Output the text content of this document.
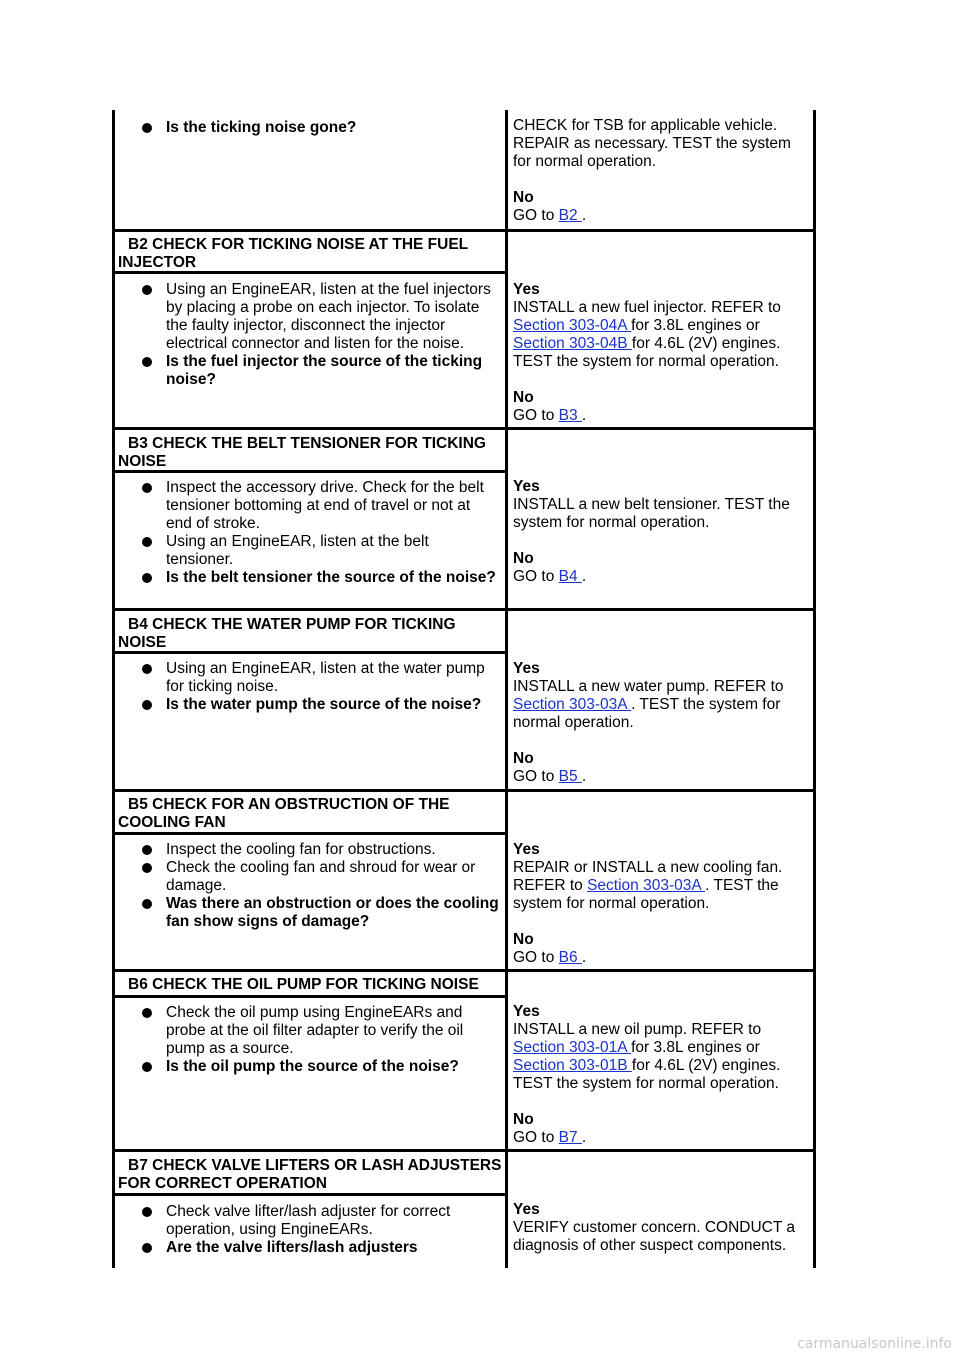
Is the ticking noise gone?	CHECK for TSB for applicable vehicle.
REPAIR as necessary. TEST the system
for normal operation.
No
GO to B2 .
B2 CHECK FOR TICKING NOISE AT THE FUEL INJECTOR
Using an EngineEAR, listen at the fuel injectors by placing a probe on each injector. To isolate the faulty injector, disconnect the injector electrical connector and listen for the noise.
Is the fuel injector the source of the ticking noise?
Yes
INSTALL a new fuel injector. REFER to
Section 303-04A for 3.8L engines or
Section 303-04B for 4.6L (2V) engines.

TEST the system for normal operation.
No
GO to B3 .
B3 CHECK THE BELT TENSIONER FOR TICKING NOISE
Inspect the accessory drive. Check for the belt tensioner bottoming at end of travel or not at end of stroke.
Using an EngineEAR, listen at the belt tensioner.
Is the belt tensioner the source of the noise?
Yes
INSTALL a new belt tensioner. TEST the system for normal operation.
No
GO to B4 .
B4 CHECK THE WATER PUMP FOR TICKING NOISE
Using an EngineEAR, listen at the water pump for ticking noise.
Is the water pump the source of the noise?
Yes
INSTALL a new water pump. REFER to
Section 303-03A . TEST the system for normal operation.
No
GO to B5 .
B5 CHECK FOR AN OBSTRUCTION OF THE COOLING FAN
Inspect the cooling fan for obstructions.
Check the cooling fan and shroud for wear or damage.
Was there an obstruction or does the cooling fan show signs of damage?
Yes
REPAIR or INSTALL a new cooling fan.
REFER to Section 303-03A . TEST the system for normal operation.
No
GO to B6 .
B6 CHECK THE OIL PUMP FOR TICKING NOISE
Check the oil pump using EngineEARs and probe at the oil filter adapter to verify the oil pump as a source.
Is the oil pump the source of the noise?
Yes
INSTALL a new oil pump. REFER to
Section 303-01A for 3.8L engines or
Section 303-01B for 4.6L (2V) engines.

TEST the system for normal operation.
No
GO to B7 .
B7 CHECK VALVE LIFTERS OR LASH ADJUSTERS FOR CORRECT OPERATION
Check valve lifter/lash adjuster for correct operation, using EngineEARs.
Are the valve lifters/lash adjusters
Yes
VERIFY customer concern. CONDUCT a diagnosis of other suspect components.
carmanualsonline.info
